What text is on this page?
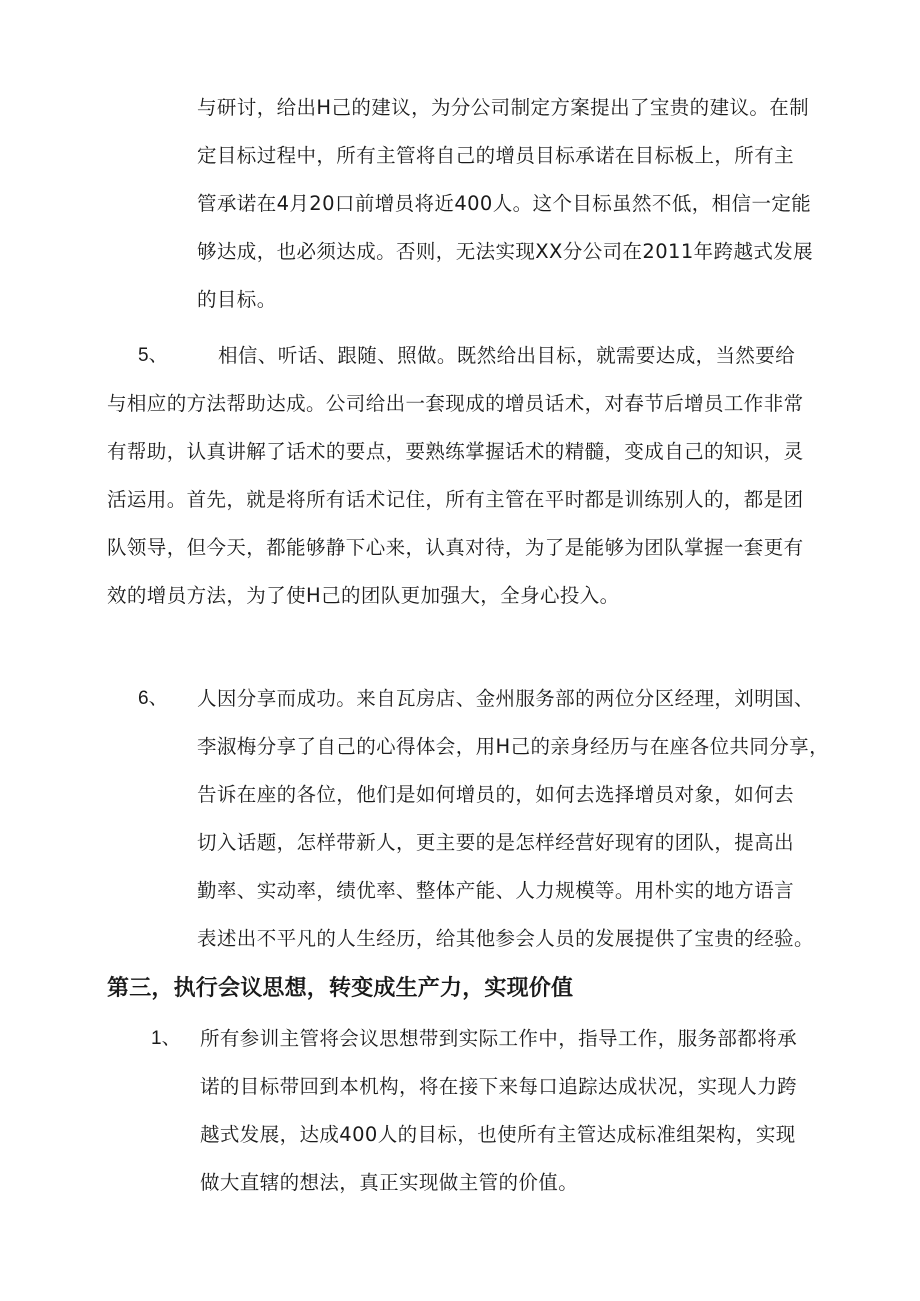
与研讨，给出H己的建议，为分公司制定方案提出了宝贵的建议。在制
定目标过程中，所有主管将自己的增员目标承诺在目标板上，所有主
管承诺在4月20口前增员将近400人。这个目标虽然不低，相信一定能
够达成，也必须达成。否则，无法实现XX分公司在2011年跨越式发展
的目标。
5、	相信、听话、跟随、照做。既然给出目标，就需要达成，当然要给
与相应的方法帮助达成。公司给出一套现成的增员话术，对春节后增员工作非常
有帮助，认真讲解了话术的要点，要熟练掌握话术的精髓，变成自己的知识，灵
活运用。首先，就是将所有话术记住，所有主管在平时都是训练别人的，都是团
队领导，但今天，都能够静下心来，认真对待，为了是能够为团队掌握一套更有
效的增员方法，为了使H己的团队更加强大，全身心投入。
6、 人因分享而成功。来自瓦房店、金州服务部的两位分区经理，刘明国、
李淑梅分享了自己的心得体会，用H己的亲身经历与在座各位共同分享，
告诉在座的各位，他们是如何增员的，如何去选择增员对象，如何去
切入话题，怎样带新人，更主要的是怎样经营好现宥的团队，提高出
勤率、实动率，绩优率、整体产能、人力规模等。用朴实的地方语言
表述出不平凡的人生经历，给其他参会人员的发展提供了宝贵的经验。
第三，执行会议思想，转变成生产力，实现价值
1、 所有参训主管将会议思想带到实际工作中，指导工作，服务部都将承
诺的目标带回到本机构，将在接下来每口追踪达成状况，实现人力跨
越式发展，达成400人的目标，也使所有主管达成标准组架构，实现
做大直辖的想法，真正实现做主管的价值。
